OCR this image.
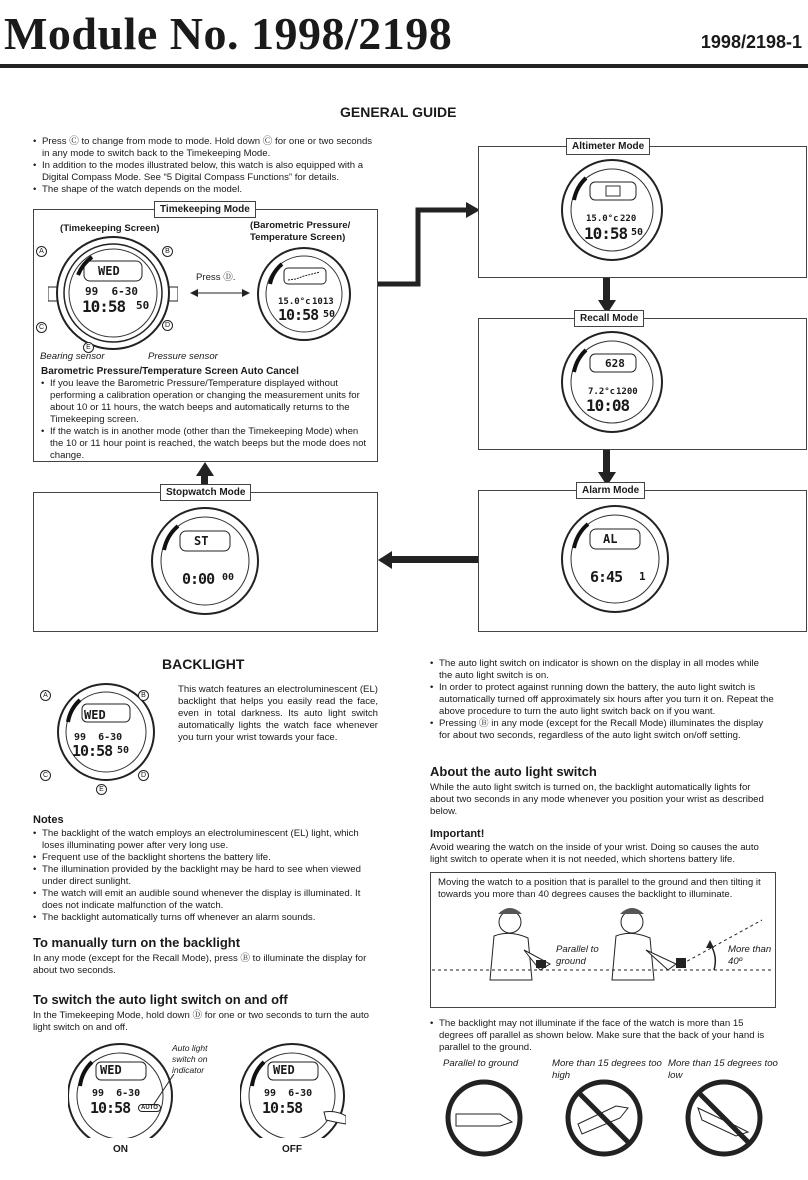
Module No. 1998/2198	1998/2198-1
GENERAL GUIDE
• Press Ⓒ to change from mode to mode. Hold down Ⓒ for one or two seconds in any mode to switch back to the Timekeeping Mode.
• In addition to the modes illustrated below, this watch is also equipped with a Digital Compass Mode. See “5 Digital Compass Functions” for details.
• The shape of the watch depends on the model.
Timekeeping Mode
(Timekeeping Screen)	(Barometric Pressure/ Temperature Screen)
WED
99  6-30
10:58 50
A	B
C	D
E
Bearing sensor	Pressure sensor
Press Ⓓ.
15.0°c 1013
10:58 50
Barometric Pressure/Temperature Screen Auto Cancel
• If you leave the Barometric Pressure/Temperature displayed without performing a calibration operation or changing the measurement units for about 10 or 11 hours, the watch beeps and automatically returns to the Timekeeping screen.
• If the watch is in another mode (other than the Timekeeping Mode) when the 10 or 11 hour point is reached, the watch beeps but the mode does not change.
Altimeter Mode
15.0°c 220
10:58 50
Recall Mode
628
7.2°c 1200
10:08
Alarm Mode
AL
6:45 1
Stopwatch Mode
ST
0:00 00
BACKLIGHT
WED
99  6-30
10:58 50
A	B
C	D
E
This watch features an electroluminescent (EL) backlight that helps you easily read the face, even in total darkness. Its auto light switch automatically lights the watch face whenever you turn your wrist towards your face.
Notes
• The backlight of the watch employs an electroluminescent (EL) light, which loses illuminating power after very long use.
• Frequent use of the backlight shortens the battery life.
• The illumination provided by the backlight may be hard to see when viewed under direct sunlight.
• The watch will emit an audible sound whenever the display is illuminated. It does not indicate malfunction of the watch.
• The backlight automatically turns off whenever an alarm sounds.
To manually turn on the backlight
In any mode (except for the Recall Mode), press Ⓑ to illuminate the display for about two seconds.
To switch the auto light switch on and off
In the Timekeeping Mode, hold down Ⓓ for one or two seconds to turn the auto light switch on and off.
WED
99  6-30
10:58	AUTO
Auto light switch on indicator
ON
WED
99  6-30
10:58
OFF
• The auto light switch on indicator is shown on the display in all modes while the auto light switch is on.
• In order to protect against running down the battery, the auto light switch is automatically turned off approximately six hours after you turn it on. Repeat the above procedure to turn the auto light switch back on if you want.
• Pressing Ⓑ in any mode (except for the Recall Mode) illuminates the display for about two seconds, regardless of the auto light switch on/off setting.
About the auto light switch
While the auto light switch is turned on, the backlight automatically lights for about two seconds in any mode whenever you position your wrist as described below.
Important!
Avoid wearing the watch on the inside of your wrist. Doing so causes the auto light switch to operate when it is not needed, which shortens battery life.
Moving the watch to a position that is parallel to the ground and then tilting it towards you more than 40 degrees causes the backlight to illuminate.
Parallel to ground
More than 40º
• The backlight may not illuminate if the face of the watch is more than 15 degrees off parallel as shown below. Make sure that the back of your hand is parallel to the ground.
Parallel to ground	More than 15 degrees too high
More than 15 degrees too low
